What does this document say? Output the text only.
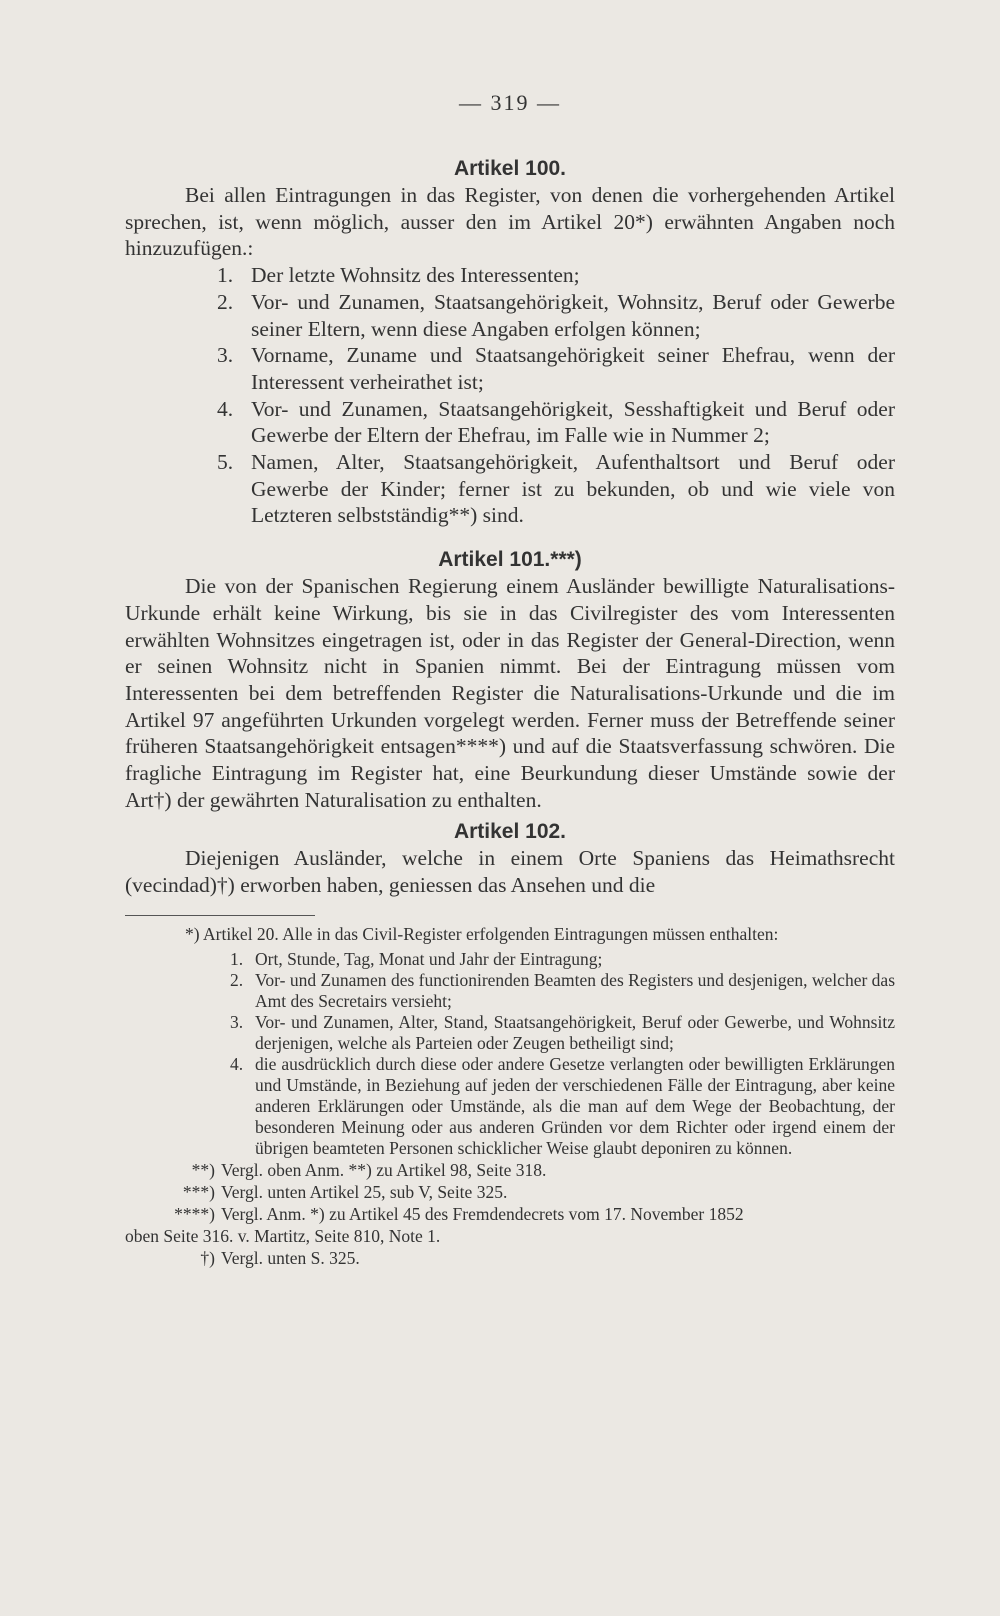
— 319 —

Artikel 100.

Bei allen Eintragungen in das Register, von denen die vorhergehenden Artikel sprechen, ist, wenn möglich, ausser den im Artikel 20*) erwähnten Angaben noch hinzuzufügen.:

1. Der letzte Wohnsitz des Interessenten;
2. Vor- und Zunamen, Staatsangehörigkeit, Wohnsitz, Beruf oder Gewerbe seiner Eltern, wenn diese Angaben erfolgen können;
3. Vorname, Zuname und Staatsangehörigkeit seiner Ehefrau, wenn der Interessent verheirathet ist;
4. Vor- und Zunamen, Staatsangehörigkeit, Sesshaftigkeit und Beruf oder Gewerbe der Eltern der Ehefrau, im Falle wie in Nummer 2;
5. Namen, Alter, Staatsangehörigkeit, Aufenthaltsort und Beruf oder Gewerbe der Kinder; ferner ist zu bekunden, ob und wie viele von Letzteren selbstständig**) sind.
Artikel 101.***)

Die von der Spanischen Regierung einem Ausländer bewilligte Naturalisations-Urkunde erhält keine Wirkung, bis sie in das Civilregister des vom Interessenten erwählten Wohnsitzes eingetragen ist, oder in das Register der General-Direction, wenn er seinen Wohnsitz nicht in Spanien nimmt. Bei der Eintragung müssen vom Interessenten bei dem betreffenden Register die Naturalisations-Urkunde und die im Artikel 97 angeführten Urkunden vorgelegt werden. Ferner muss der Betreffende seiner früheren Staatsangehörigkeit entsagen****) und auf die Staatsverfassung schwören. Die fragliche Eintragung im Register hat, eine Beurkundung dieser Umstände sowie der Art†) der gewährten Naturalisation zu enthalten.

Artikel 102.

Diejenigen Ausländer, welche in einem Orte Spaniens das Heimathsrecht (vecindad)†) erworben haben, geniessen das Ansehen und die

*) Artikel 20. Alle in das Civil-Register erfolgenden Eintragungen müssen enthalten:

1. Ort, Stunde, Tag, Monat und Jahr der Eintragung;
2. Vor- und Zunamen des functionirenden Beamten des Registers und desjenigen, welcher das Amt des Secretairs versieht;
3. Vor- und Zunamen, Alter, Stand, Staatsangehörigkeit, Beruf oder Gewerbe, und Wohnsitz derjenigen, welche als Parteien oder Zeugen betheiligt sind;
4. die ausdrücklich durch diese oder andere Gesetze verlangten oder bewilligten Erklärungen und Umstände, in Beziehung auf jeden der verschiedenen Fälle der Eintragung, aber keine anderen Erklärungen oder Umstände, als die man auf dem Wege der Beobachtung, der besonderen Meinung oder aus anderen Gründen vor dem Richter oder irgend einem der übrigen beamteten Personen schicklicher Weise glaubt deponiren zu können.

**) Vergl. oben Anm. **) zu Artikel 98, Seite 318.

***) Vergl. unten Artikel 25, sub V, Seite 325.

****) Vergl. Anm. *) zu Artikel 45 des Fremdendecrets vom 17. November 1852

oben Seite 316. v. Martitz, Seite 810, Note 1.

†) Vergl. unten S. 325.
